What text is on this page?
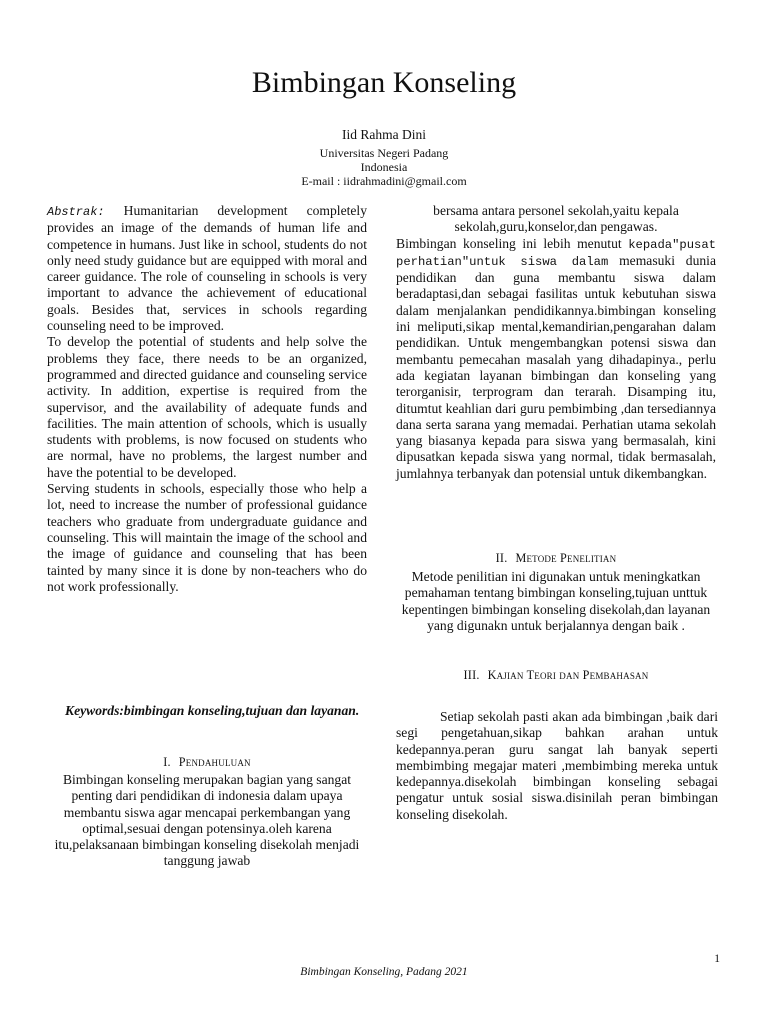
Bimbingan Konseling
Iid Rahma Dini
Universitas Negeri Padang
Indonesia
E-mail : iidrahmadini@gmail.com

Abstrak: Humanitarian development completely provides an image of the demands of human life and competence in humans. Just like in school, students do not only need study guidance but are equipped with moral and career guidance. The role of counseling in schools is very important to advance the achievement of educational goals. Besides that, services in schools regarding counseling need to be improved.

To develop the potential of students and help solve the problems they face, there needs to be an organized, programmed and directed guidance and counseling service activity. In addition, expertise is required from the supervisor, and the availability of adequate funds and facilities. The main attention of schools, which is usually students with problems, is now focused on students who are normal, have no problems, the largest number and have the potential to be developed.

Serving students in schools, especially those who help a lot, need to increase the number of professional guidance teachers who graduate from undergraduate guidance and counseling. This will maintain the image of the school and the image of guidance and counseling that has been tainted by many since it is done by non-teachers who do not work professionally.

Keywords:bimbingan konseling,tujuan dan layanan.
I. Pendahuluan
Bimbingan konseling merupakan bagian yang sangat penting dari pendidikan di indonesia dalam upaya membantu siswa agar mencapai perkembangan yang optimal,sesuai dengan potensinya.oleh karena itu,pelaksanaan bimbingan konseling disekolah menjadi tanggung jawab

bersama antara personel sekolah,yaitu kepala sekolah,guru,konselor,dan pengawas.

Bimbingan konseling ini lebih menutut kepada"pusat perhatian"untuk siswa dalam memasuki dunia pendidikan dan guna membantu siswa dalam beradaptasi,dan sebagai fasilitas untuk kebutuhan siswa dalam menjalankan pendidikannya.bimbingan konseling ini meliputi,sikap mental,kemandirian,pengarahan dalam pendidikan. Untuk mengembangkan potensi siswa dan membantu pemecahan masalah yang dihadapinya., perlu ada kegiatan layanan bimbingan dan konseling yang terorganisir, terprogram dan terarah. Disamping itu, ditumtut keahlian dari guru pembimbing ,dan tersediannya dana serta sarana yang memadai. Perhatian utama sekolah yang biasanya kepada para siswa yang bermasalah, kini dipusatkan kepada siswa yang normal, tidak bermasalah, jumlahnya terbanyak dan potensial untuk dikembangkan.

II. Metode Penelitian
Metode penilitian ini digunakan untuk meningkatkan pemahaman tentang bimbingan konseling,tujuan unttuk kepentingen bimbingan konseling disekolah,dan layanan yang digunakn untuk berjalannya dengan baik .
III. Kajian Teori dan Pembahasan
Setiap sekolah pasti akan ada bimbingan ,baik dari segi pengetahuan,sikap bahkan arahan untuk kedepannya.peran guru sangat lah banyak seperti membimbing megajar materi ,membimbing mereka untuk kedepannya.disekolah bimbingan konseling sebagai pengatur untuk sosial siswa.disinilah peran bimbingan konseling disekolah.
1
Bimbingan Konseling, Padang 2021
